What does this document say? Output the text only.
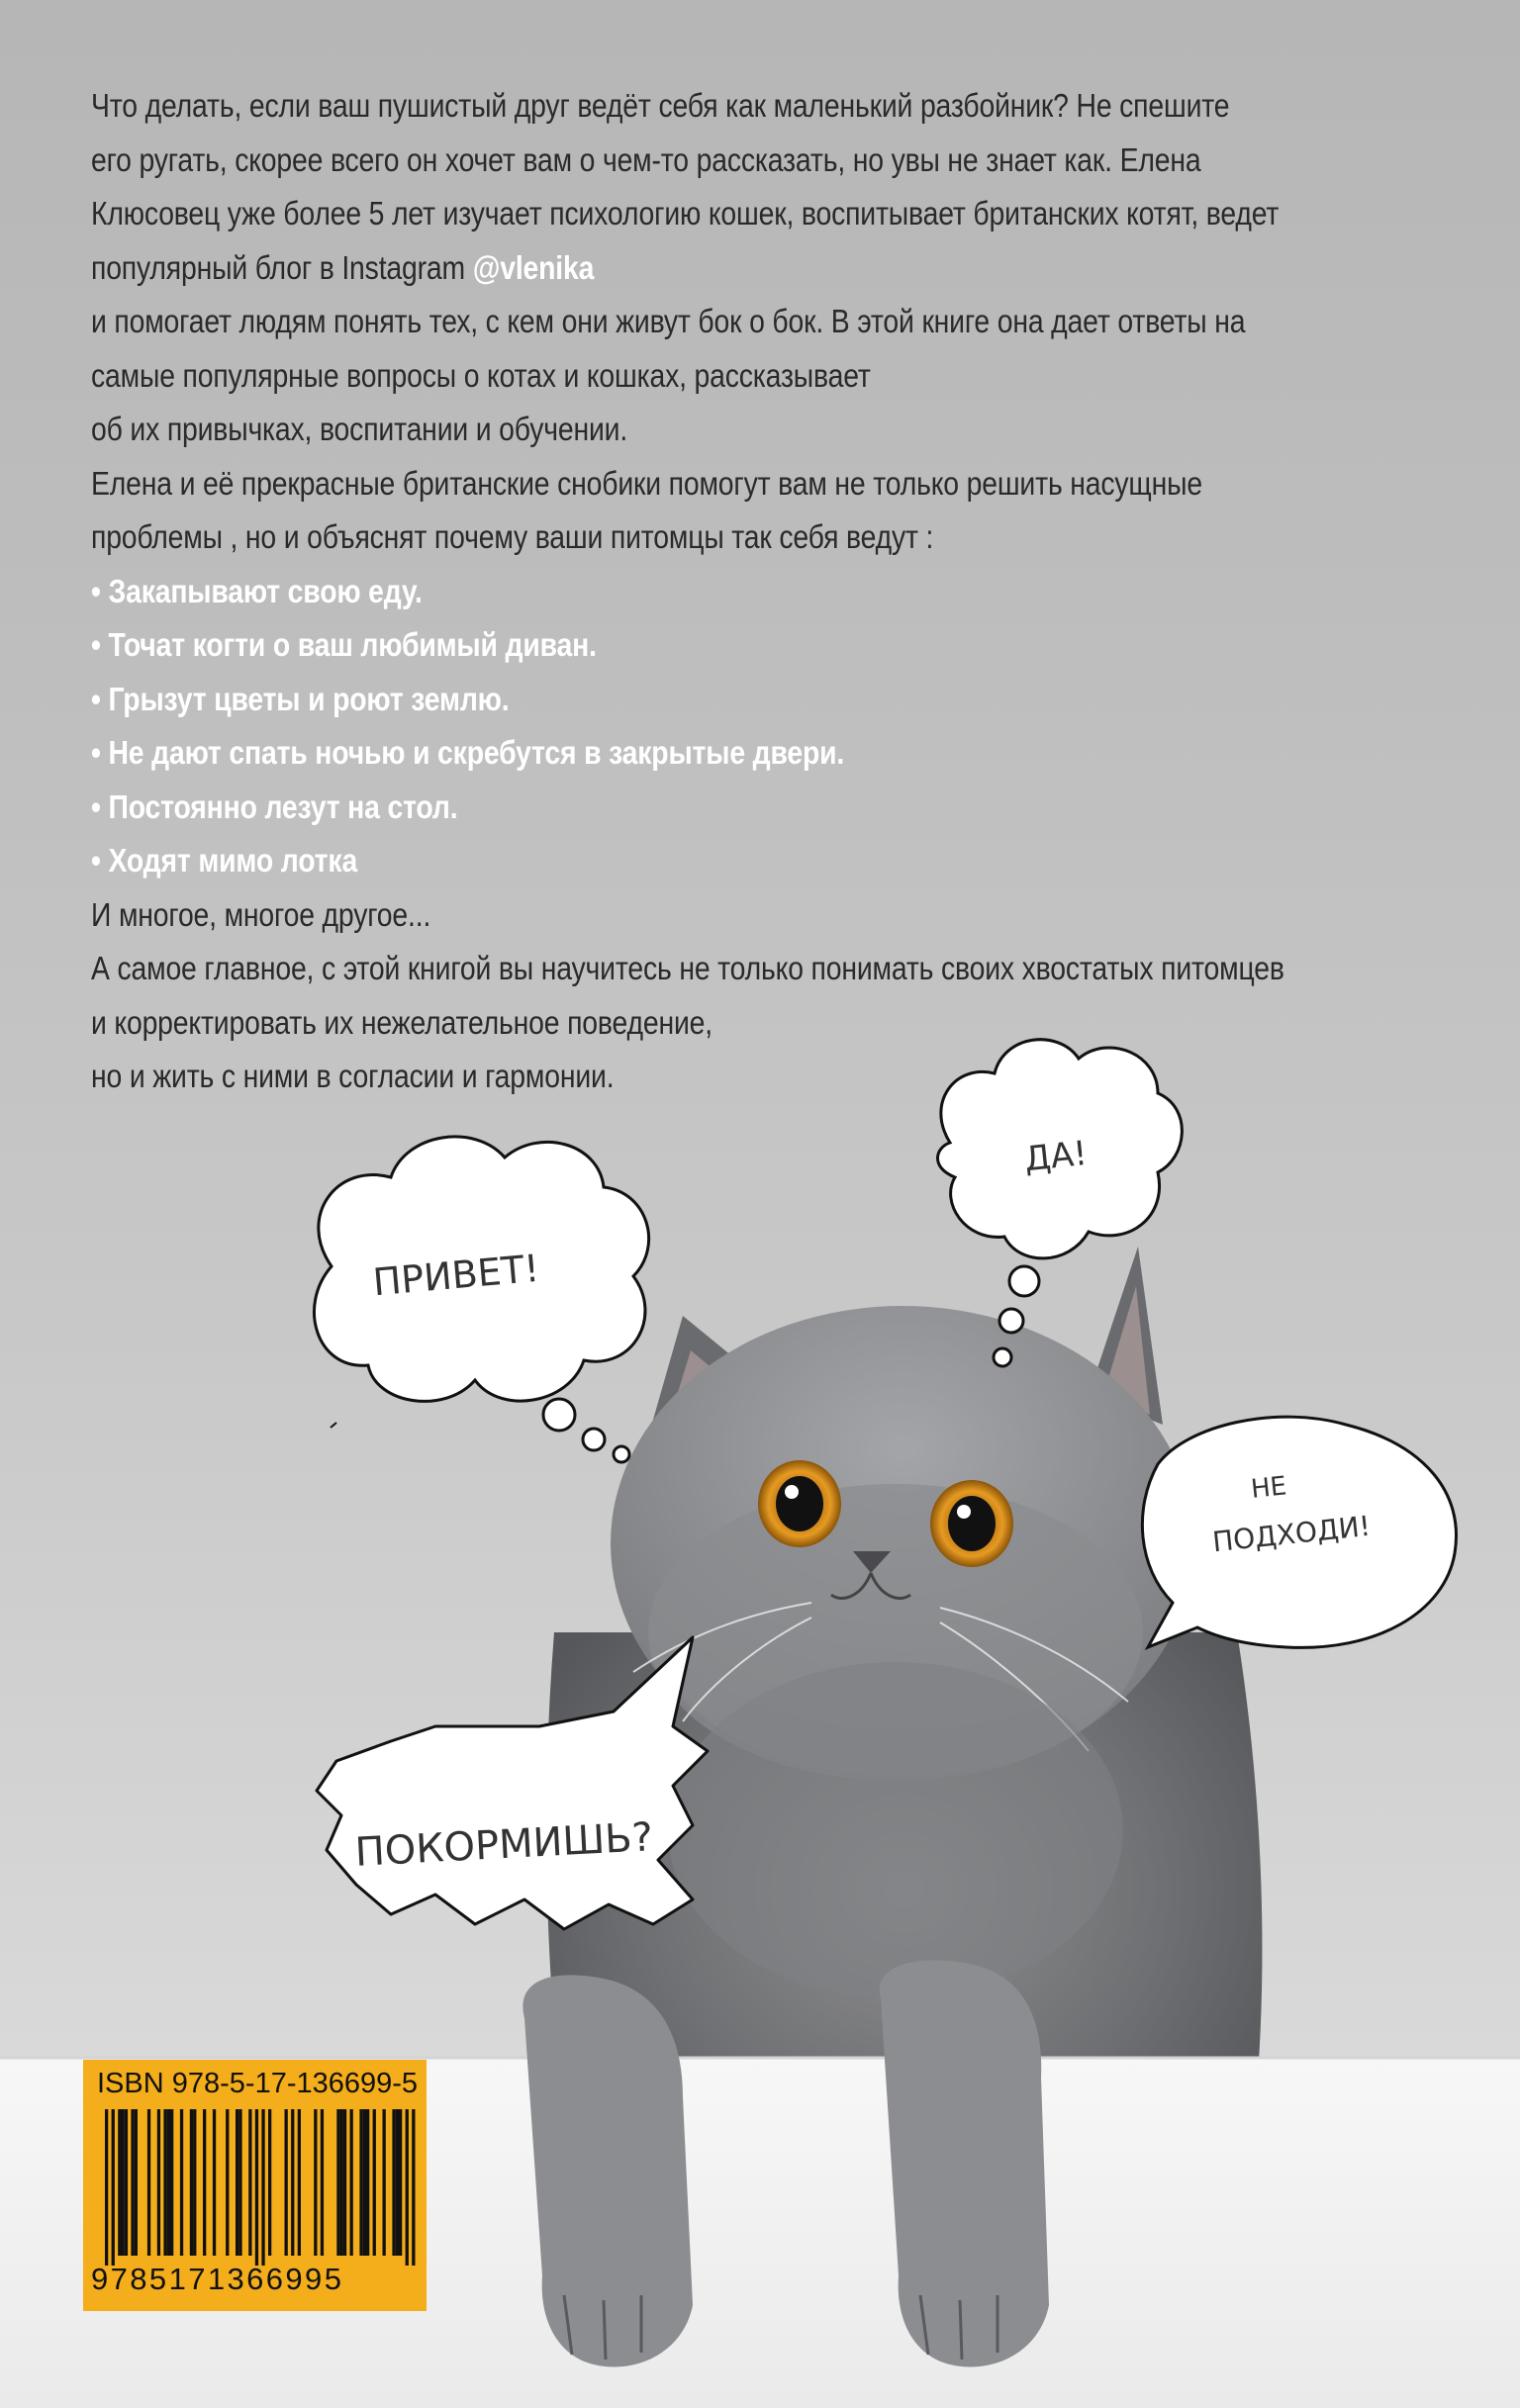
ПРИВЕТ!
ДА!
НЕ
ПОДХОДИ!
ПОКОРМИШЬ?
Что делать, если ваш пушистый друг ведёт себя как маленький разбойник? Не спешите
его ругать, скорее всего он хочет вам о чем-то рассказать, но увы не знает как. Елена
Клюсовец уже более 5 лет изучает психологию кошек, воспитывает британских котят, ведет
популярный блог в Instagram @vlenika
и помогает людям понять тех, с кем они живут бок о бок. В этой книге она дает ответы на
самые популярные вопросы о котах и кошках, рассказывает
об их привычках, воспитании и обучении.
Елена и её прекрасные британские снобики помогут вам не только решить насущные
проблемы , но и объяснят почему ваши питомцы так себя ведут :
• Закапывают свою еду.
• Точат когти о ваш любимый диван.
• Грызут цветы и роют землю.
• Не дают спать ночью и скребутся в закрытые двери.
• Постоянно лезут на стол.
• Ходят мимо лотка
И многое, многое другое...
А самое главное, с этой книгой вы научитесь не только понимать своих хвостатых питомцев
и корректировать их нежелательное поведение,
но и жить с ними в согласии и гармонии.
ISBN 978-5-17-136699-5
9785171366995
